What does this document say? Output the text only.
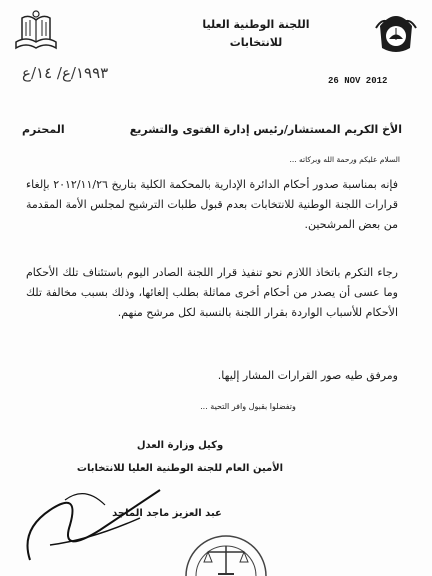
اللجنة الوطنية العليا
للانتخابات
١٩٩٣/ع/ ١٤/ع	26 NOV 2012
الأخ الكريم المستشار/رئيس إدارة الفتوى والتشريع
المحترم
السلام عليكم ورحمة الله وبركاته ...
فإنه بمناسبة صدور أحكام الدائرة الإدارية بالمحكمة الكلية بتاريخ ٢٠١٢/١١/٢٦ بإلغاء قرارات اللجنة الوطنية للانتخابات بعدم قبول طلبات الترشيح لمجلس الأمة المقدمة من بعض المرشحين.
رجاء التكرم باتخاذ اللازم نحو تنفيذ قرار اللجنة الصادر اليوم باستئناف تلك الأحكام وما عسى أن يصدر من أحكام أخرى مماثلة بطلب إلغائها، وذلك بسبب مخالفة تلك الأحكام للأسباب الواردة بقرار اللجنة بالنسبة لكل مرشح منهم.
ومرفق طيه صور القرارات المشار إليها.
وتفضلوا بقبول وافر التحية ...
وكيل وزارة العدل
الأمين العام للجنة الوطنية العليا للانتخابات
عبد العزيز ماجد الماجد
